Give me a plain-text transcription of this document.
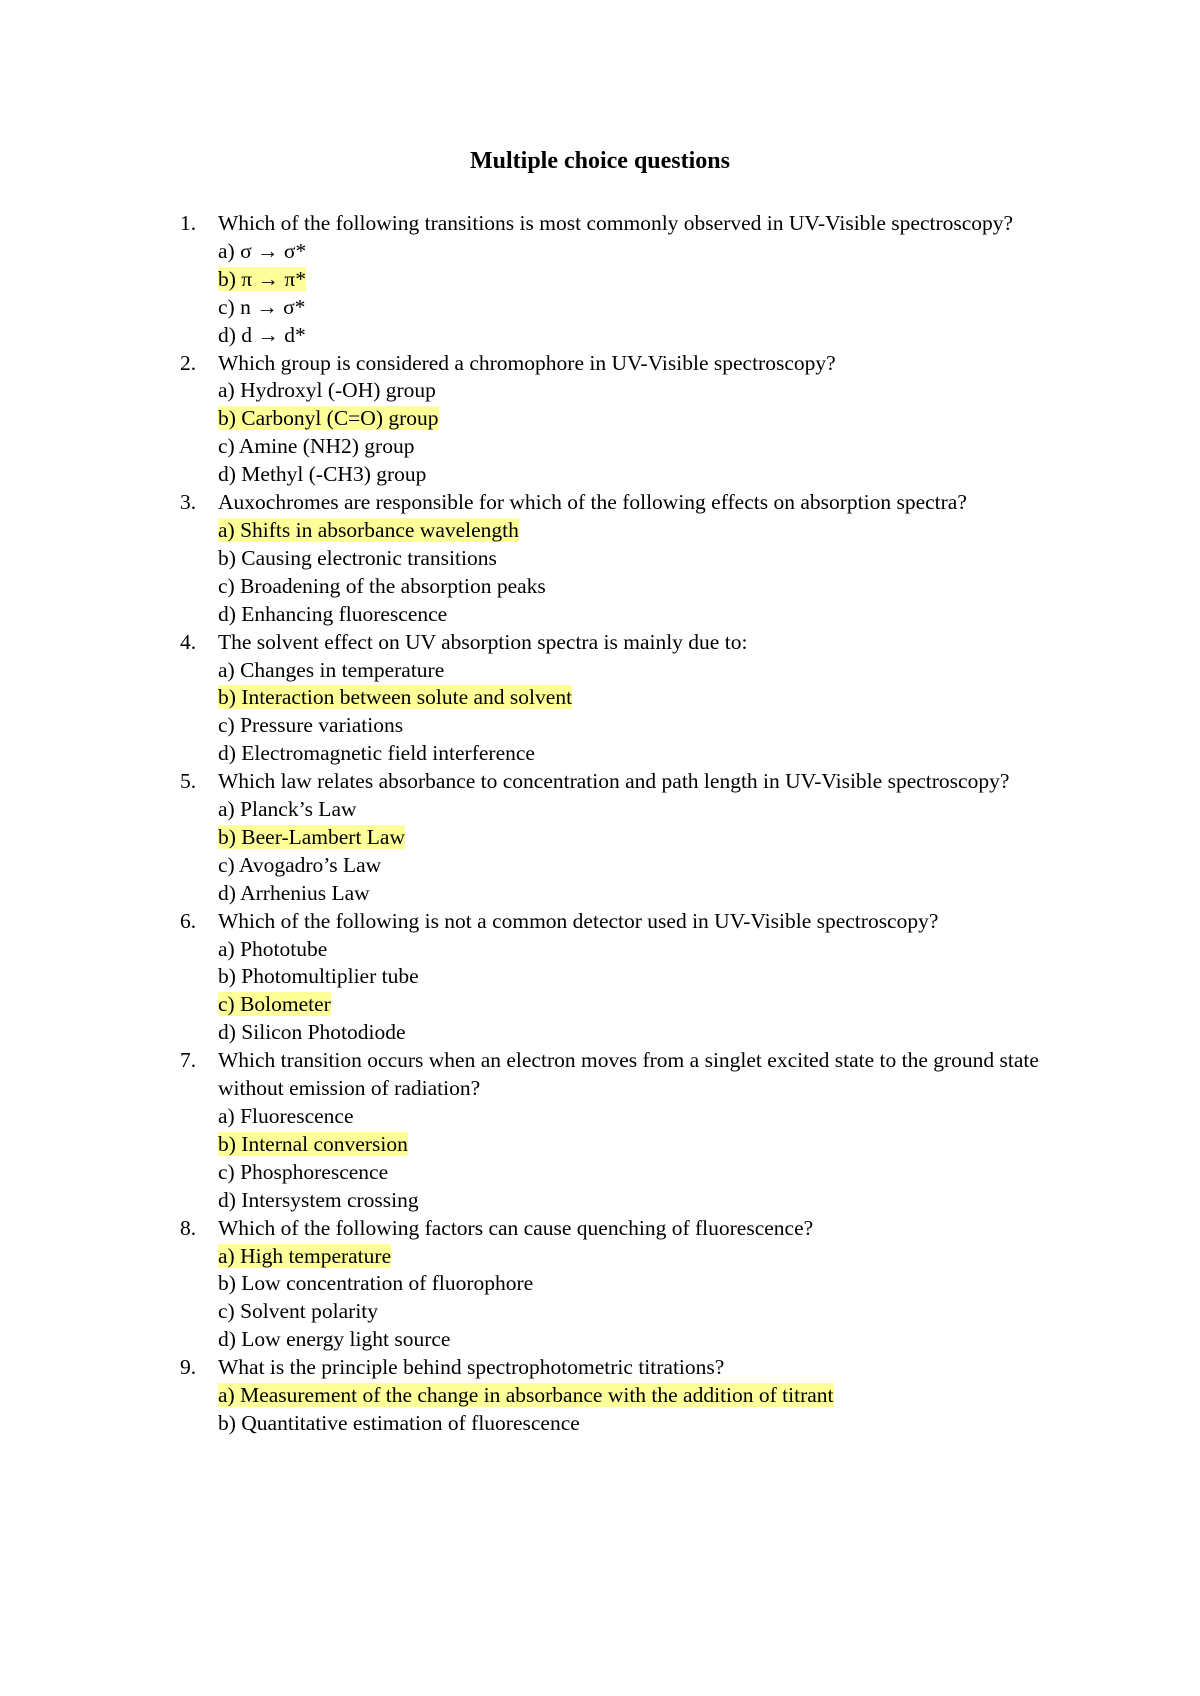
Multiple choice questions
1. Which of the following transitions is most commonly observed in UV-Visible spectroscopy?
a) σ → σ*
b) π → π*
c) n → σ*
d) d → d*
2. Which group is considered a chromophore in UV-Visible spectroscopy?
a) Hydroxyl (-OH) group
b) Carbonyl (C=O) group
c) Amine (NH2) group
d) Methyl (-CH3) group
3. Auxochromes are responsible for which of the following effects on absorption spectra?
a) Shifts in absorbance wavelength
b) Causing electronic transitions
c) Broadening of the absorption peaks
d) Enhancing fluorescence
4. The solvent effect on UV absorption spectra is mainly due to:
a) Changes in temperature
b) Interaction between solute and solvent
c) Pressure variations
d) Electromagnetic field interference
5. Which law relates absorbance to concentration and path length in UV-Visible spectroscopy?
a) Planck’s Law
b) Beer-Lambert Law
c) Avogadro’s Law
d) Arrhenius Law
6. Which of the following is not a common detector used in UV-Visible spectroscopy?
a) Phototube
b) Photomultiplier tube
c) Bolometer
d) Silicon Photodiode
7. Which transition occurs when an electron moves from a singlet excited state to the ground state without emission of radiation?
a) Fluorescence
b) Internal conversion
c) Phosphorescence
d) Intersystem crossing
8. Which of the following factors can cause quenching of fluorescence?
a) High temperature
b) Low concentration of fluorophore
c) Solvent polarity
d) Low energy light source
9. What is the principle behind spectrophotometric titrations?
a) Measurement of the change in absorbance with the addition of titrant
b) Quantitative estimation of fluorescence
